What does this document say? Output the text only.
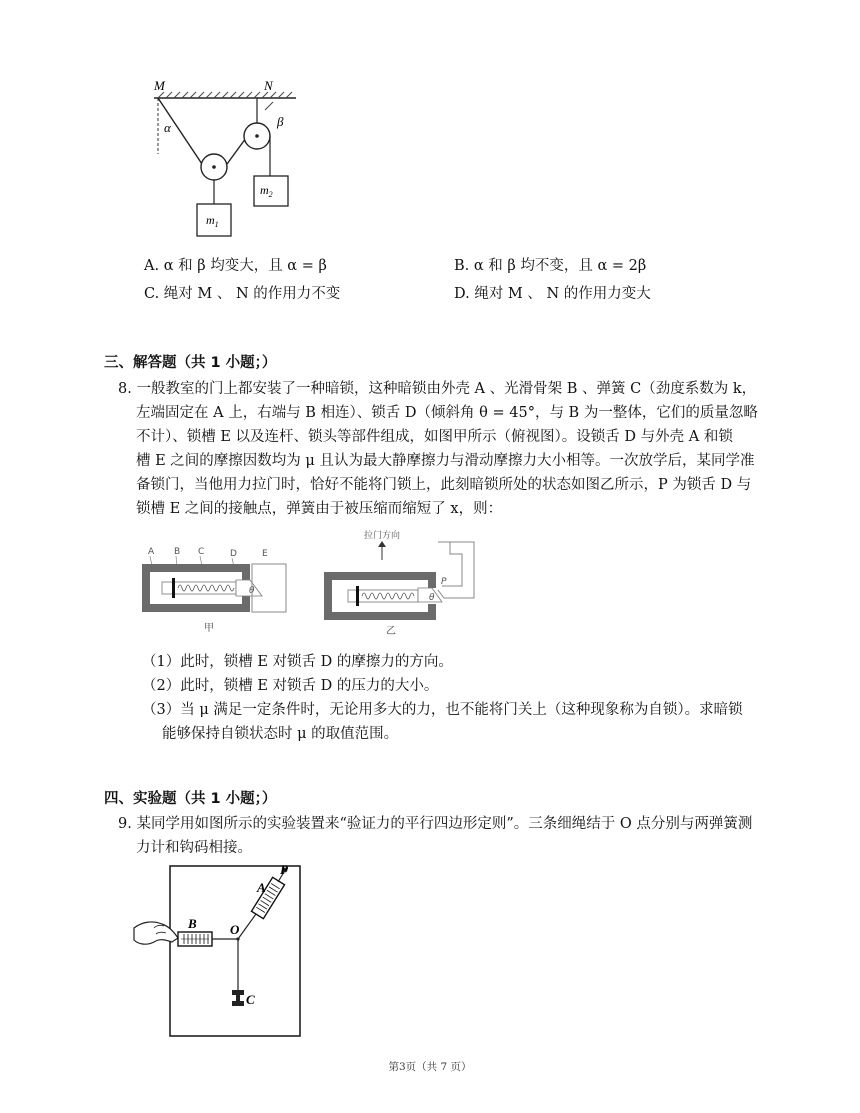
M	N
α	β
$m_1$
$m_2$
A. α 和 β 均变大，且 α = β	B. α 和 β 均不变，且 α = 2β
C. 绳对 M 、 N 的作用力不变	D. 绳对 M 、 N 的作用力变大
三、解答题（共 1 小题；）
8. 一般教室的门上都安装了一种暗锁，这种暗锁由外壳 A 、光滑骨架 B 、弹簧 C（劲度系数为 k，
左端固定在 A 上，右端与 B 相连）、锁舌 D（倾斜角 θ = 45°，与 B 为一整体，它们的质量忽略
不计）、锁槽 E 以及连杆、锁头等部件组成，如图甲所示（俯视图）。设锁舌 D 与外壳 A 和锁
槽 E 之间的摩擦因数均为 μ 且认为最大静摩擦力与滑动摩擦力大小相等。一次放学后，某同学准
备锁门，当他用力拉门时，恰好不能将门锁上，此刻暗锁所处的状态如图乙所示，P 为锁舌 D 与
锁槽 E 之间的接触点，弹簧由于被压缩而缩短了 x，则：
A B C	D	E
θ
甲
拉门方向
θ
P
乙
（1）此时，锁槽 E 对锁舌 D 的摩擦力的方向。
（2）此时，锁槽 E 对锁舌 D 的压力的大小。
（3）当 μ 满足一定条件时，无论用多大的力，也不能将门关上（这种现象称为自锁）。求暗锁
能够保持自锁状态时 μ 的取值范围。
四、实验题（共 1 小题；）
9. 某同学用如图所示的实验装置来“验证力的平行四边形定则”。三条细绳结于 O 点分别与两弹簧测
力计和钩码相接。
B	O
A
P
C
第3页（共 7 页）
